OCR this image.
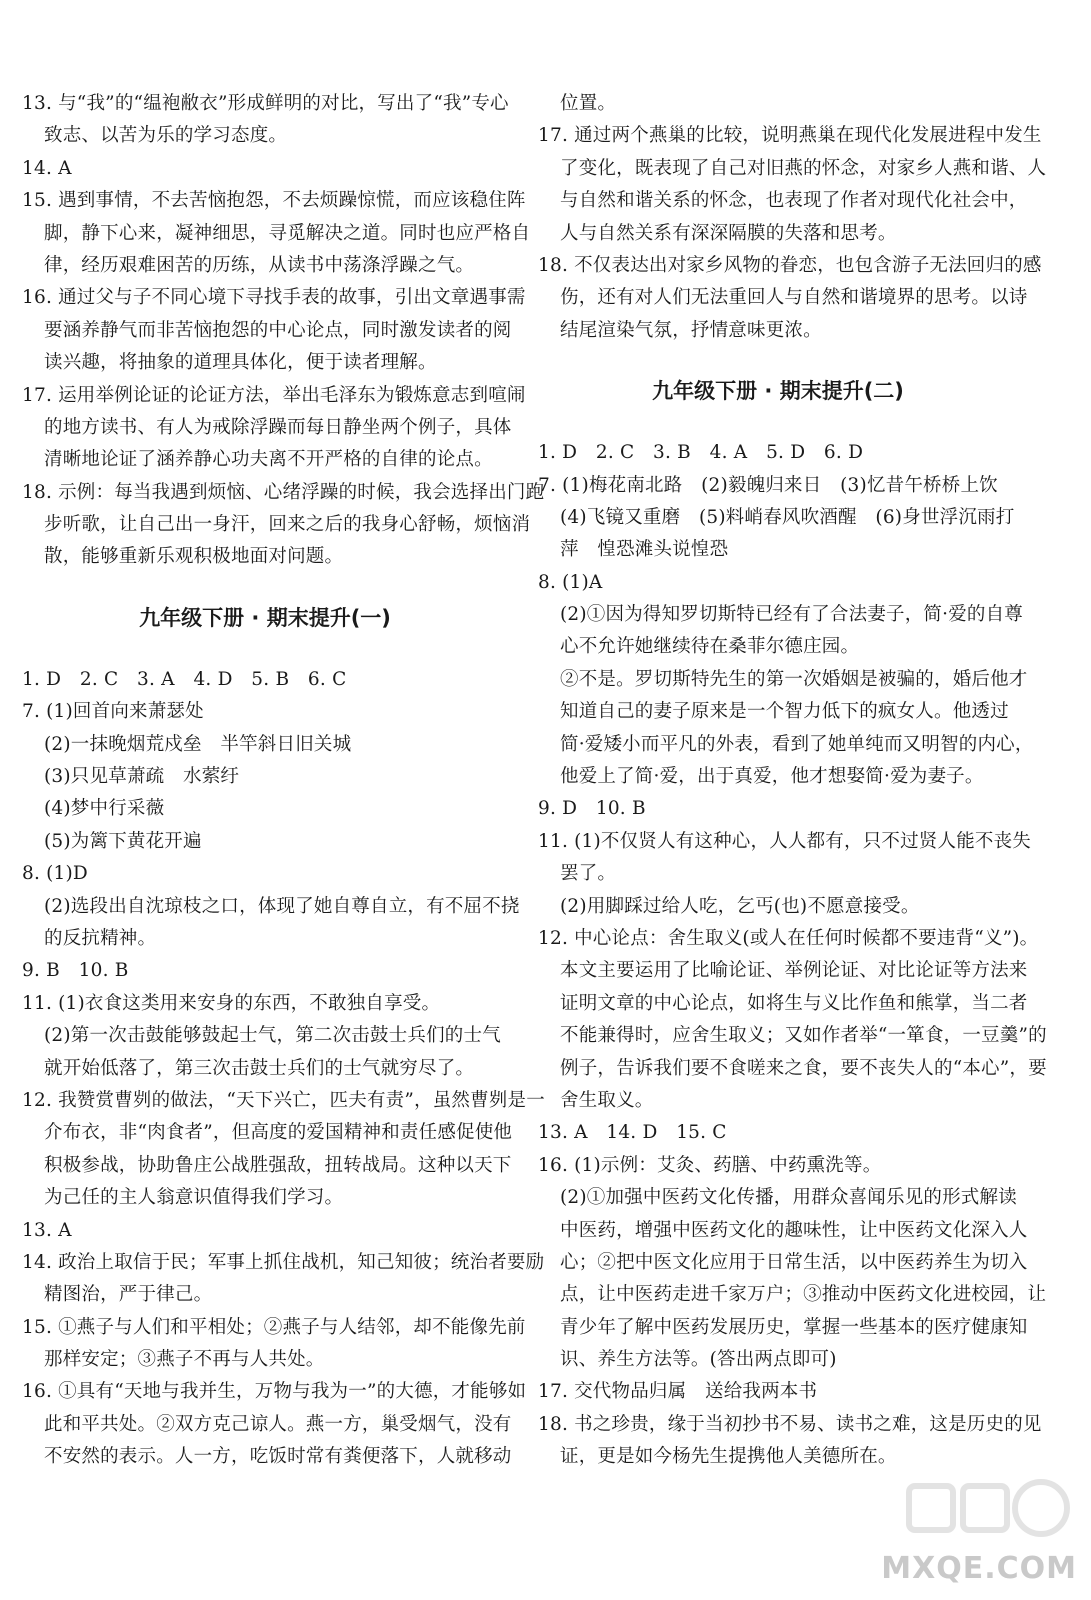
13. 与“我”的“缊袍敝衣”形成鲜明的对比，写出了“我”专心
致志、以苦为乐的学习态度。
14. A
15. 遇到事情，不去苦恼抱怨，不去烦躁惊慌，而应该稳住阵
脚，静下心来，凝神细思，寻觅解决之道。同时也应严格自
律，经历艰难困苦的历练，从读书中荡涤浮躁之气。
16. 通过父与子不同心境下寻找手表的故事，引出文章遇事需
要涵养静气而非苦恼抱怨的中心论点，同时激发读者的阅
读兴趣，将抽象的道理具体化，便于读者理解。
17. 运用举例论证的论证方法，举出毛泽东为锻炼意志到喧闹
的地方读书、有人为戒除浮躁而每日静坐两个例子，具体
清晰地论证了涵养静心功夫离不开严格的自律的论点。
18. 示例：每当我遇到烦恼、心绪浮躁的时候，我会选择出门跑
步听歌，让自己出一身汗，回来之后的我身心舒畅，烦恼消
散，能够重新乐观积极地面对问题。
九年级下册 · 期末提升(一)
1. D　2. C　3. A　4. D　5. B　6. C
7. (1)回首向来萧瑟处
(2)一抹晚烟荒戍垒　半竿斜日旧关城
(3)只见草萧疏　水萦纡
(4)梦中行采薇
(5)为篱下黄花开遍
8. (1)D
(2)选段出自沈琼枝之口，体现了她自尊自立，有不屈不挠
的反抗精神。
9. B　10. B
11. (1)衣食这类用来安身的东西，不敢独自享受。
(2)第一次击鼓能够鼓起士气，第二次击鼓士兵们的士气
就开始低落了，第三次击鼓士兵们的士气就穷尽了。
12. 我赞赏曹刿的做法，“天下兴亡，匹夫有责”，虽然曹刿是一
介布衣，非“肉食者”，但高度的爱国精神和责任感促使他
积极参战，协助鲁庄公战胜强敌，扭转战局。这种以天下
为己任的主人翁意识值得我们学习。
13. A
14. 政治上取信于民；军事上抓住战机，知己知彼；统治者要励
精图治，严于律己。
15. ①燕子与人们和平相处；②燕子与人结邻，却不能像先前
那样安定；③燕子不再与人共处。
16. ①具有“天地与我并生，万物与我为一”的大德，才能够如
此和平共处。②双方克己谅人。燕一方，巢受烟气，没有
不安然的表示。人一方，吃饭时常有粪便落下，人就移动
位置。
17. 通过两个燕巢的比较，说明燕巢在现代化发展进程中发生
了变化，既表现了自己对旧燕的怀念，对家乡人燕和谐、人
与自然和谐关系的怀念，也表现了作者对现代化社会中，
人与自然关系有深深隔膜的失落和思考。
18. 不仅表达出对家乡风物的眷恋，也包含游子无法回归的感
伤，还有对人们无法重回人与自然和谐境界的思考。以诗
结尾渲染气氛，抒情意味更浓。
九年级下册 · 期末提升(二)
1. D　2. C　3. B　4. A　5. D　6. D
7. (1)梅花南北路　(2)毅魄归来日　(3)忆昔午桥桥上饮
(4)飞镜又重磨　(5)料峭春风吹酒醒　(6)身世浮沉雨打
萍　惶恐滩头说惶恐
8. (1)A
(2)①因为得知罗切斯特已经有了合法妻子，简·爱的自尊
心不允许她继续待在桑菲尔德庄园。
②不是。罗切斯特先生的第一次婚姻是被骗的，婚后他才
知道自己的妻子原来是一个智力低下的疯女人。他透过
简·爱矮小而平凡的外表，看到了她单纯而又明智的内心，
他爱上了简·爱，出于真爱，他才想娶简·爱为妻子。
9. D　10. B
11. (1)不仅贤人有这种心，人人都有，只不过贤人能不丧失
罢了。
(2)用脚踩过给人吃，乞丐(也)不愿意接受。
12. 中心论点：舍生取义(或人在任何时候都不要违背“义”)。
本文主要运用了比喻论证、举例论证、对比论证等方法来
证明文章的中心论点，如将生与义比作鱼和熊掌，当二者
不能兼得时，应舍生取义；又如作者举“一箪食，一豆羹”的
例子，告诉我们要不食嗟来之食，要不丧失人的“本心”，要
舍生取义。
13. A　14. D　15. C
16. (1)示例：艾灸、药膳、中药熏洗等。
(2)①加强中医药文化传播，用群众喜闻乐见的形式解读
中医药，增强中医药文化的趣味性，让中医药文化深入人
心；②把中医文化应用于日常生活，以中医药养生为切入
点，让中医药走进千家万户；③推动中医药文化进校园，让
青少年了解中医药发展历史，掌握一些基本的医疗健康知
识、养生方法等。(答出两点即可)
17. 交代物品归属　送给我两本书
18. 书之珍贵，缘于当初抄书不易、读书之难，这是历史的见
证，更是如今杨先生提携他人美德所在。
MXQE.COM
